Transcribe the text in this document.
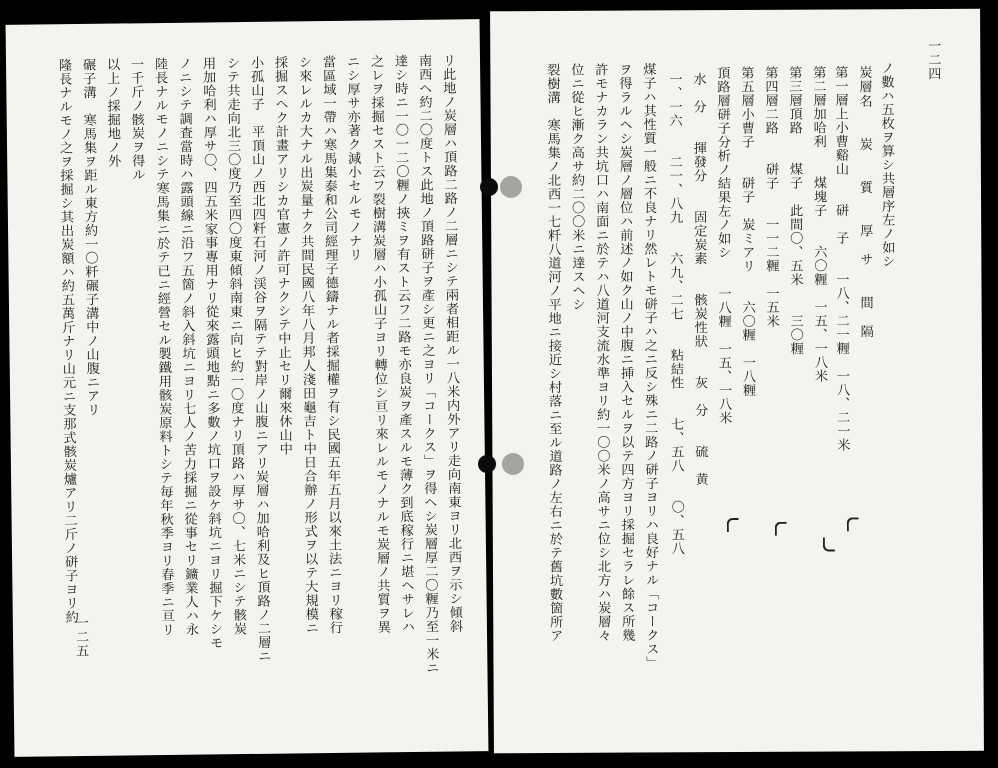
一二四
ノ數ハ五枚ヲ算シ共層序左ノ如シ
炭層名　　炭　　質　　厚　サ　　間　隔
第一層上小曹谿山　　硑　子　　一八、二一糎　一八、二一米
第二層加哈利　　煤塊子　　六〇糎　一五、一八米
第三層頂路　　煤子　此間〇、五米　　三〇糎
第四層二路　　硑子　　一一二糎　一五米
第五層小曹子　　硑子　炭ミアリ　　六〇糎　一八糎
頂路層硑子分析ノ結果左ノ如シ　　一八糎　一五、一八米
水　分　　揮發分　　固定炭素　　骸炭性狀　　灰　分　　硫　黄
一、一六　　二一、八九　　六九、二七　　粘結性　　七、五八　　〇、五八
煤子ハ其性質一般ニ不良ナリ然レトモ硑子ハ之ニ反シ殊ニ二路ノ硑子ヨリハ良好ナル「コークス」
ヲ得ラルヘシ炭層ノ層位ハ前述ノ如ク山ノ中腹ニ挿入セルヲ以テ四方ヨリ採掘セラレ餘ス所幾
許モナカラン共坑口ハ南面ニ於テハ八道河支流水準ヨリ約一〇〇米ノ高サニ位シ北方ハ炭層々
位ニ從ヒ漸ク高サ約二〇〇米ニ達スヘシ
裂樹溝　寒馬集ノ北西一七粁八道河ノ平地ニ接近シ村落ニ至ル道路ノ左右ニ於テ舊坑數箇所ア
リ此地ノ炭層ハ頂路二路ノ二層ニシテ兩者相距ル一八米内外アリ走向南東ヨリ北西ヲ示シ傾斜
南西ヘ約二〇度トス此地ノ頂路硑子ヲ產シ更ニ之ヨリ「コークス」ヲ得ヘシ炭層厚二〇糎乃至一米ニ
達シ時ニ一〇一二〇糎ノ挾ミヲ有スト云フ二路モ亦良炭ヲ產スルモ薄ク到底稼行ニ堪ヘサレハ
之レヲ採掘セスト云フ裂樹溝炭層ハ小孤山子ヨリ轉位シ亘リ來レルモノナルモ炭層ノ共質ヲ異
ニシ厚サ亦著ク減小セルモノナリ
當區域一帶ハ寒馬集泰和公司經理子德鑄ナル者採掘權ヲ有シ民國五年五月以來土法ニヨリ稼行
シ來レルカ大ナル出炭量ナク共間民國八年八月邦人淺田龜吉ト中日合辦ノ形式ヲ以テ大規模ニ
採掘スヘク計畫アリシカ官憲ノ許可ナクシテ中止セリ爾來休山中
小孤山子　平頂山ノ西北四粁石河ノ渓谷ヲ隔テテ對岸ノ山腹ニアリ炭層ハ加哈利及ヒ頂路ノ二層ニ
シテ共走向北三〇度乃至四〇度東傾斜南東ニ向ヒ約一〇度ナリ頂路ハ厚サ〇、七米ニシテ骸炭
用加哈利ハ厚サ〇、四五米家事專用ナリ從來露頭地點ニ多數ノ坑口ヲ設ケ斜坑ニヨリ掘下ケシモ
ノニシテ調査當時ハ露頭線ニ沿フ五箇ノ斜入斜坑ニヨリ七人ノ苦力採掘ニ從事セリ鑛業人ハ永
陸長ナルモノニシテ寒馬集ニ於テ已ニ經營セル製鐵用骸炭原料トシテ毎年秋季ヨリ春季ニ亘リ
一千斤ノ骸炭ヲ得ル
以上ノ採掘地ノ外
碾子溝　寒馬集ヲ距ル東方約一〇粁碾子溝中ノ山腹ニアリ
隆長ナルモノ之ヲ採掘シ其出炭額ハ約五萬斤ナリ山元ニ支那式骸炭爐アリ二斤ノ硑子ヨリ約
一二五
